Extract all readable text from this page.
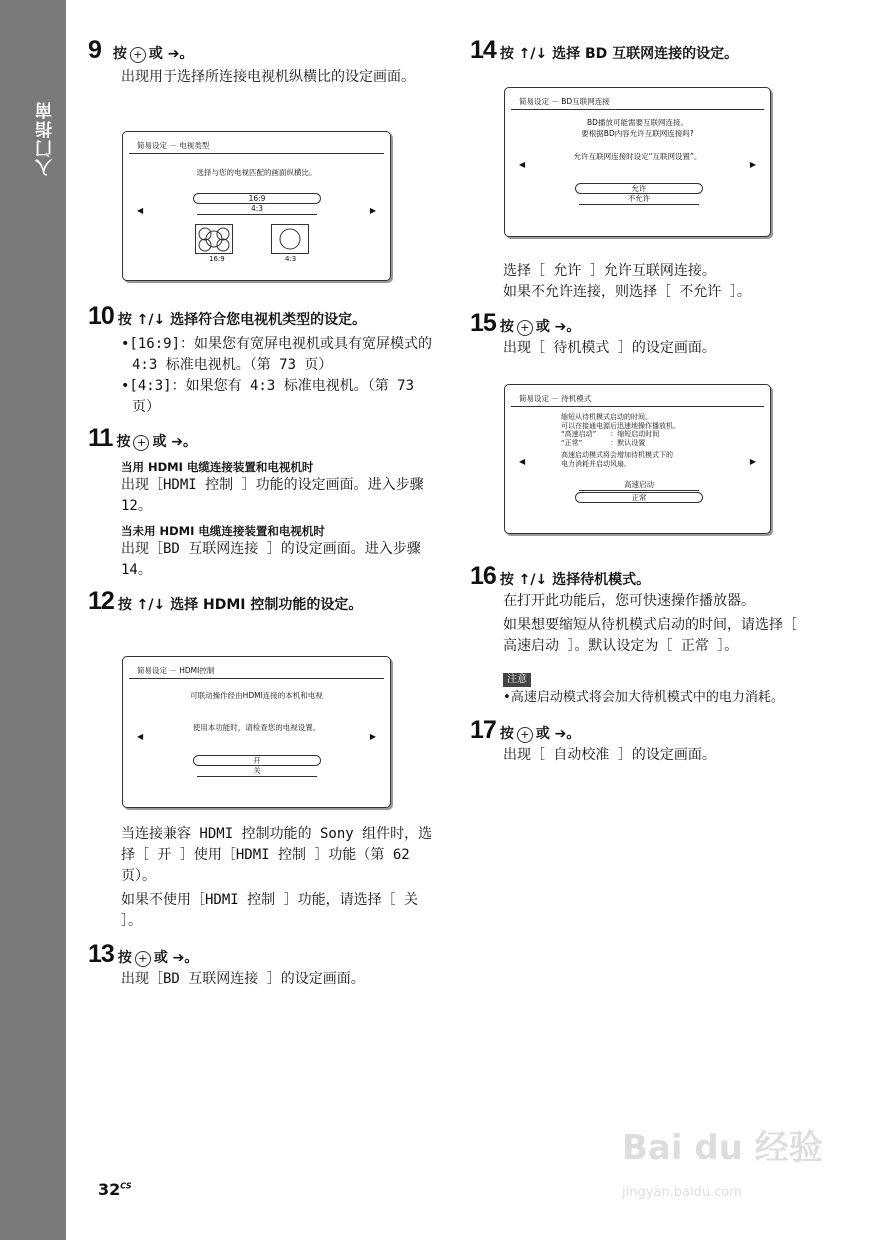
入门指南
9 按 + 或 ➔。
出现用于选择所连接电视机纵横比的设定画面。
简易设定 － 电视类型
选择与您的电视匹配的画面纵横比。
◀	▶
16:9
4:3
16:9	4:3
10 按 ↑/↓ 选择符合您电视机类型的设定。
•[16:9]：如果您有宽屏电视机或具有宽屏模式的 4:3 标准电视机。（第 73 页）
•[4:3]：如果您有 4:3 标准电视机。（第 73 页）
11 按 + 或 ➔。
当用 HDMI 电缆连接装置和电视机时
出现［HDMI 控制 ］功能的设定画面。进入步骤 12。
当未用 HDMI 电缆连接装置和电视机时
出现［BD 互联网连接 ］的设定画面。进入步骤 14。
12 按 ↑/↓ 选择 HDMI 控制功能的设定。
简易设定 － HDMI控制
可联动操作经由HDMI连接的本机和电视
使用本功能时，请检查您的电视设置。
◀	▶
开
关
当连接兼容 HDMI 控制功能的 Sony 组件时，选择［ 开 ］使用［HDMI 控制 ］功能（第 62 页）。
如果不使用［HDMI 控制 ］功能，请选择［ 关 ］。
13 按 + 或 ➔。
出现［BD 互联网连接 ］的设定画面。
14 按 ↑/↓ 选择 BD 互联网连接的设定。
简易设定 － BD互联网连接
BD播放可能需要互联网连接。
要根据BD内容允许互联网连接吗?
允许互联网连接时设定“互联网设置”。
◀	▶
允许
不允许
选择［ 允许 ］允许互联网连接。
如果不允许连接，则选择［ 不允许 ］。
15 按 + 或 ➔。
出现［ 待机模式 ］的设定画面。
简易设定 － 待机模式
缩短从待机模式启动的时间。
可以在接通电源后迅速地操作播放机。
“高速启动”　　：缩短启动时间
“正常”　　　　：默认设置
高速启动模式将会增加待机模式下的
电力消耗并启动风扇。
◀	▶
高速启动
正常
16 按 ↑/↓ 选择待机模式。
在打开此功能后，您可快速操作播放器。
如果想要缩短从待机模式启动的时间，请选择［ 高速启动 ］。默认设定为［ 正常 ］。
注意
•高速启动模式将会加大待机模式中的电力消耗。
17 按 + 或 ➔。
出现［ 自动校准 ］的设定画面。
$32^{CS}$
Bai du 经验
jingyan.baidu.com
